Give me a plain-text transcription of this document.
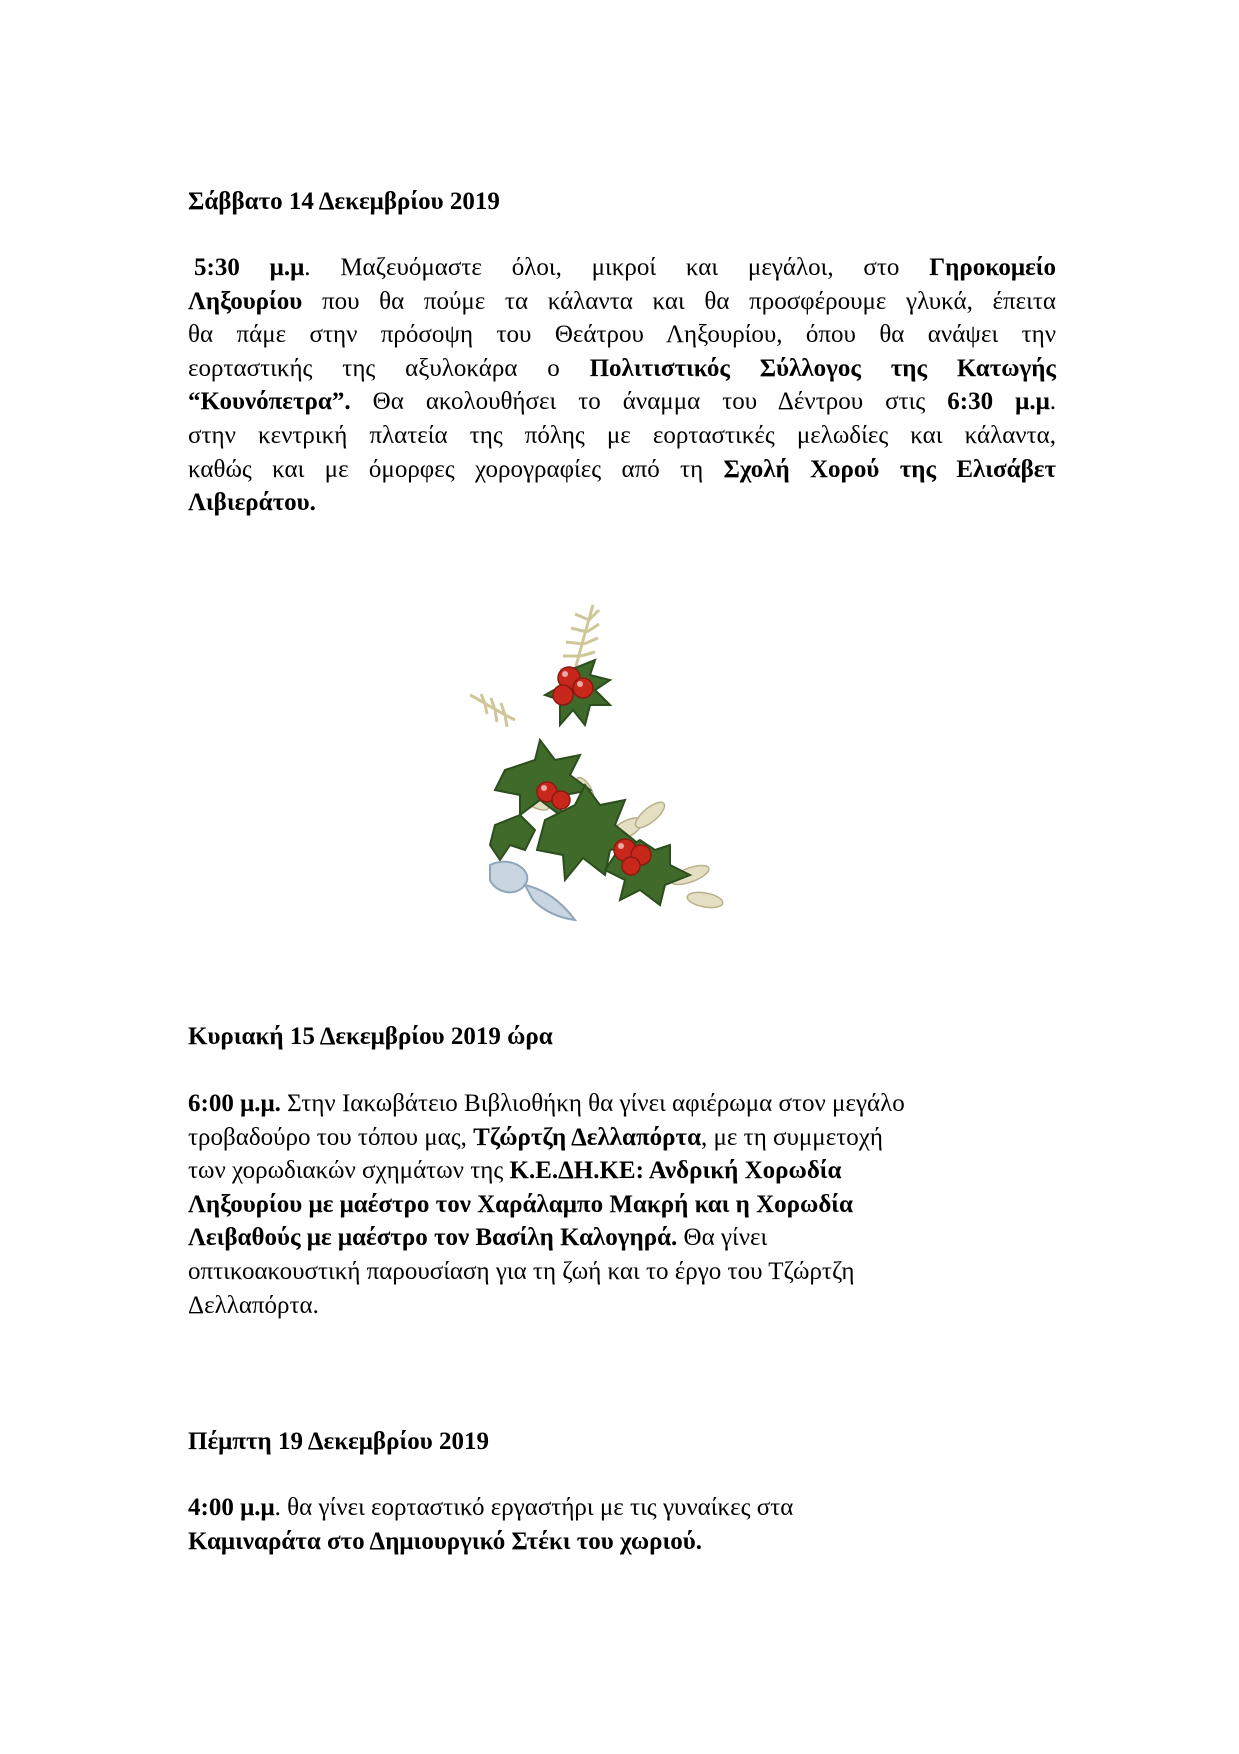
Σάββατο 14 Δεκεμβρίου 2019
5:30 μ.μ. Μαζευόμαστε όλοι, μικροί και μεγάλοι, στο Γηροκομείο
Ληξουρίου που θα πούμε τα κάλαντα και θα προσφέρουμε γλυκά, έπειτα
θα πάμε στην πρόσοψη του Θεάτρου Ληξουρίου, όπου θα ανάψει την
εορταστικής της αξυλοκάρα ο Πολιτιστικός Σύλλογος της Κατωγής
“Κουνόπετρα”. Θα ακολουθήσει το άναμμα του Δέντρου στις 6:30 μ.μ.
στην κεντρική πλατεία της πόλης με εορταστικές μελωδίες και κάλαντα,
καθώς και με όμορφες χορογραφίες από τη Σχολή Χορού της Ελισάβετ
Λιβιεράτου.
Κυριακή 15 Δεκεμβρίου 2019 ώρα
6:00 μ.μ. Στην Ιακωβάτειο Βιβλιοθήκη θα γίνει αφιέρωμα στον μεγάλο
τροβαδούρο του τόπου μας, Τζώρτζη Δελλαπόρτα, με τη συμμετοχή
των χορωδιακών σχημάτων της Κ.Ε.ΔΗ.ΚΕ: Ανδρική Χορωδία
Ληξουρίου με μαέστρο τον Χαράλαμπο Μακρή και η Χορωδία
Λειβαθούς με μαέστρο τον Βασίλη Καλογηρά. Θα γίνει
οπτικοακουστική παρουσίαση για τη ζωή και το έργο του Τζώρτζη
Δελλαπόρτα.
Πέμπτη 19 Δεκεμβρίου 2019
4:00 μ.μ. θα γίνει εορταστικό εργαστήρι με τις γυναίκες στα
Καμιναράτα στο Δημιουργικό Στέκι του χωριού.
